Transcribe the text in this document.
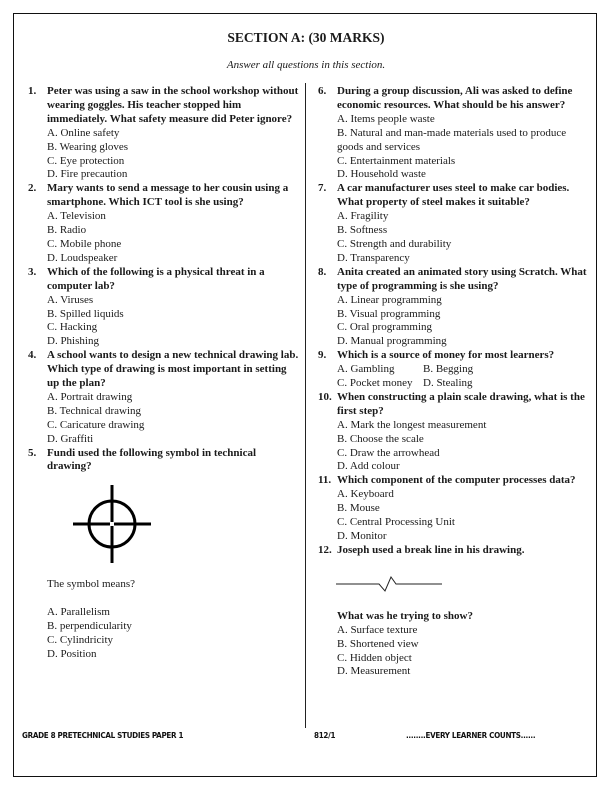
SECTION A: (30 MARKS)
Answer all questions in this section.
1. Peter was using a saw in the school workshop without wearing goggles. His teacher stopped him immediately. What safety measure did Peter ignore?
A. Online safety
B. Wearing gloves
C. Eye protection
D. Fire precaution
2. Mary wants to send a message to her cousin using a smartphone. Which ICT tool is she using?
A. Television
B. Radio
C. Mobile phone
D. Loudspeaker
3. Which of the following is a physical threat in a computer lab?
A. Viruses
B. Spilled liquids
C. Hacking
D. Phishing
4. A school wants to design a new technical drawing lab. Which type of drawing is most important in setting up the plan?
A. Portrait drawing
B. Technical drawing
C. Caricature drawing
D. Graffiti
5. Fundi used the following symbol in technical drawing?
The symbol means?
A. Parallelism
B. perpendicularity
C. Cylindricity
D. Position
6. During a group discussion, Ali was asked to define economic resources. What should be his answer?
A. Items people waste
B. Natural and man-made materials used to produce goods and services
C. Entertainment materials
D. Household waste
7. A car manufacturer uses steel to make car bodies. What property of steel makes it suitable?
A. Fragility
B. Softness
C. Strength and durability
D. Transparency
8. Anita created an animated story using Scratch. What type of programming is she using?
A. Linear programming
B. Visual programming
C. Oral programming
D. Manual programming
9. Which is a source of money for most learners?
A. Gambling	B. Begging
C. Pocket money D. Stealing
10. When constructing a plain scale drawing, what is the first step?
A. Mark the longest measurement
B. Choose the scale
C. Draw the arrowhead
D. Add colour
11. Which component of the computer processes data?
A. Keyboard
B. Mouse
C. Central Processing Unit
D. Monitor
12. Joseph used a break line in his drawing.
What was he trying to show?
A. Surface texture
B. Shortened view
C. Hidden object
D. Measurement
GRADE 8 PRETECHNICAL STUDIES PAPER 1	812/1	........EVERY LEARNER COUNTS......
